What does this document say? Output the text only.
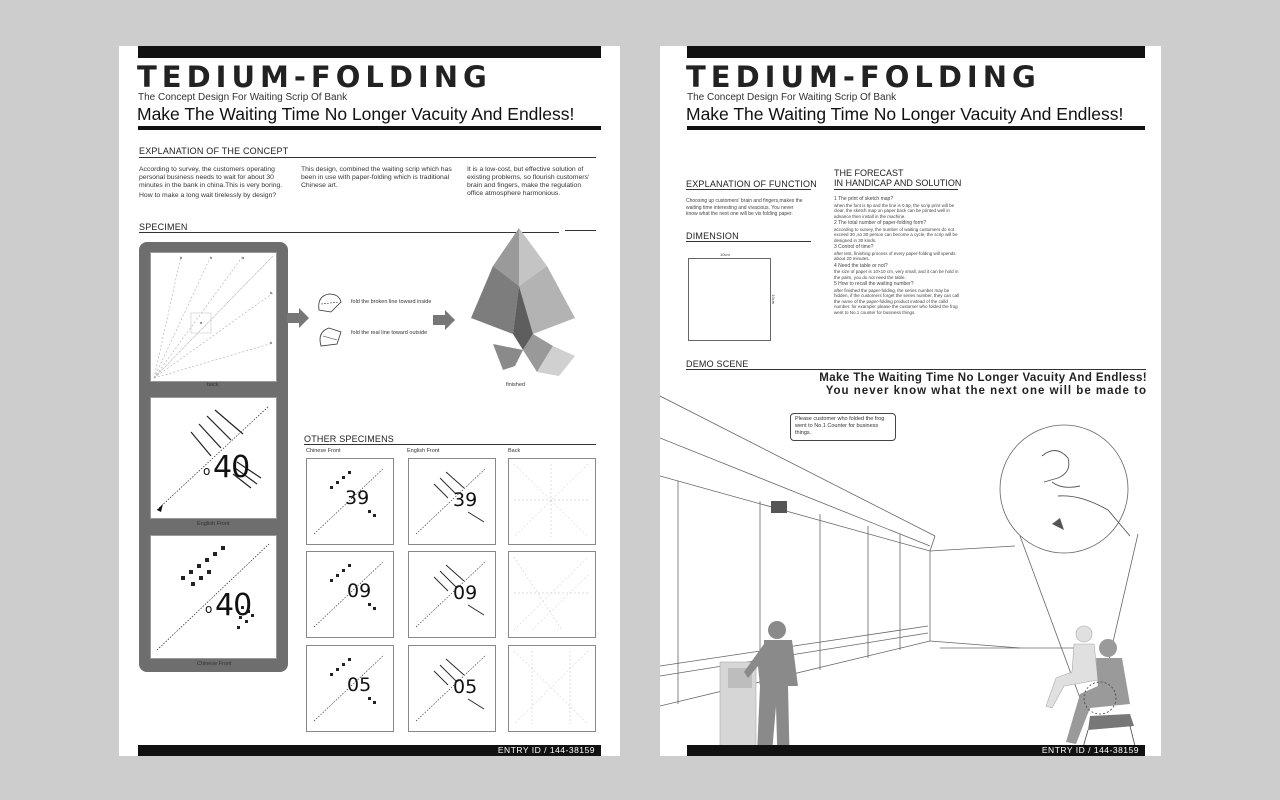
TEDIUM-FOLDING
The Concept Design For Waiting Scrip Of Bank
Make The Waiting Time No Longer Vacuity And Endless!
EXPLANATION OF THE CONCEPT
According to survey, the customers operating personal business needs to wait for about 30 minutes in the bank in china.This is very boring.
How to make a long wait tirelessly by design?
This design, combined the waiting scrip which has been in use with paper-folding which is traditional Chinese art.
It is a low-cost, but effective solution of existing problems, so flourish customers' brain and fingers, make the regulation office atmosphere harmonious.
SPECIMEN
back
40
o
English Front
40
o
Chinese Front
fold the broken line toward inside
fold the real line toward outside
finished
OTHER SPECIMENS
Chinese Front	English Front	Back
39	39
09	09
05	05
ENTRY ID / 144-38159
TEDIUM-FOLDING
The Concept Design For Waiting Scrip Of Bank
Make The Waiting Time No Longer Vacuity And Endless!
EXPLANATION OF FUNCTION
Choosing up customers' brain and fingers,makes the waiting time interesting and vivacious. You never know what the next one will be vis folding paper.
DIMENSION
10cm
10cm
THE FORECAST
IN HANDICAP AND SOLUTION
1 The print of sketch map?
when the font is 6p and the line is 0.5p, the scrip print will be clear, the sketch map on paper back can be printed well in advance then install in the machine.
2 The total number of paper-folding form?
according to survey, the number of waiting customers do not exceed 30 ,so 30 person can become a cycle, the scrip will be designed in 30 kinds.
3 Control of time?
after test, finishing process of every paper-folding will spends about 20 minutes.
4 Need the table or not?
the size of paper is 10×10 cm, very small, and it can be hold in the palm, you do not need the table.
5 How to recall the waiting number?
after finished the paper-folding, the series number may be hidden, if the customers forget the series number, they can call the name of the paper-folding product instead of the calld number. for example: please the customer who folded the frog went to No.1 counter for business things.
DEMO SCENE
Make The Waiting Time No Longer Vacuity And Endless!
You never know what the next one will be made to
Please customer who folded the frog went to No.1 Counter for business things.
ENTRY ID / 144-38159
